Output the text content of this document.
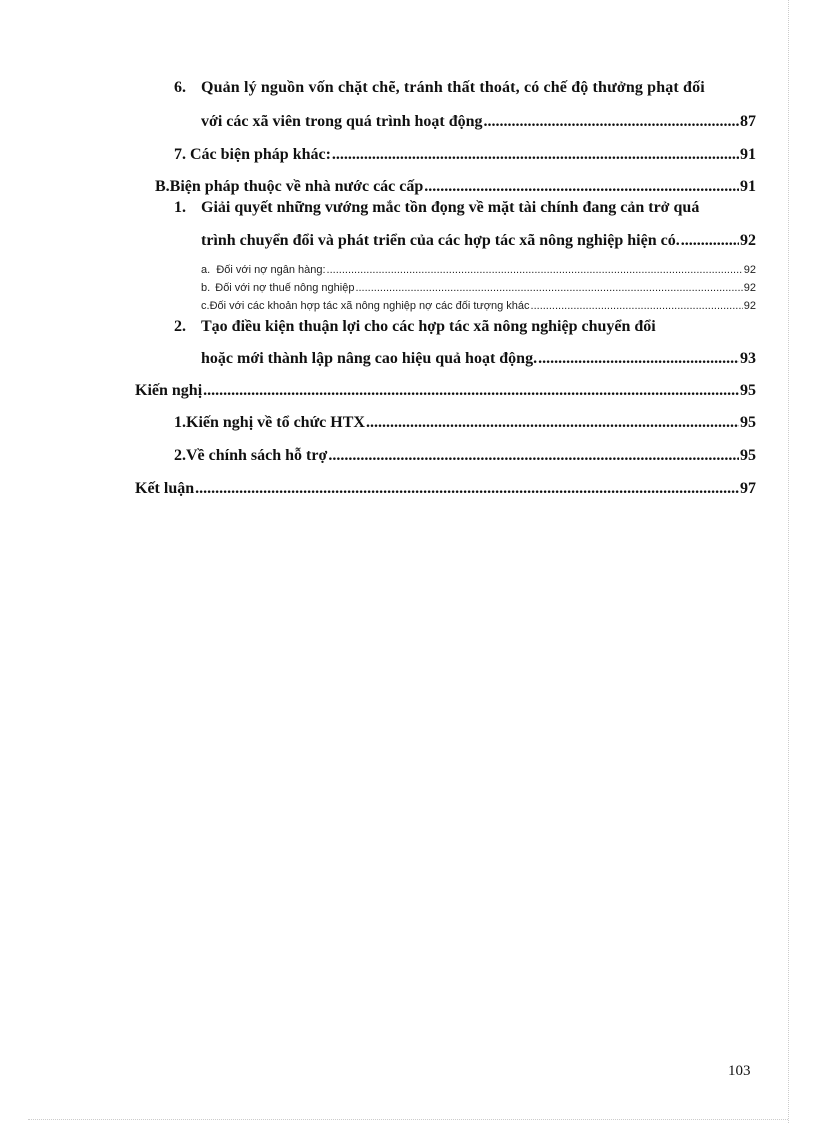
6. Quản lý nguồn vốn chặt chẽ, tránh thất thoát, có chế độ thưởng phạt đối
với các xã viên trong quá trình hoạt động .....	87
7. Các biện pháp khác: .....	91
B. Biện pháp thuộc về nhà nước các cấp .....	91
1. Giải quyết những vướng mắc tồn đọng về mặt tài chính đang cản trở quá
trình chuyển đổi và phát triển của các hợp tác xã nông nghiệp hiện có. .....	92
a. Đối với nợ ngân hàng: .....	92
b. Đối với nợ thuế nông nghiệp .....	92
c. Đối với các khoản hợp tác xã nông nghiệp nợ các đối tượng khác .....	92
2. Tạo điều kiện thuận lợi cho các hợp tác xã nông nghiệp chuyển đổi
hoặc mới thành lập nâng cao hiệu quả hoạt động. .....	93
Kiến nghị .....	95
1. Kiến nghị về tổ chức HTX .....	95
2. Về chính sách hỗ trợ .....	95
Kết luận .....	97
103
